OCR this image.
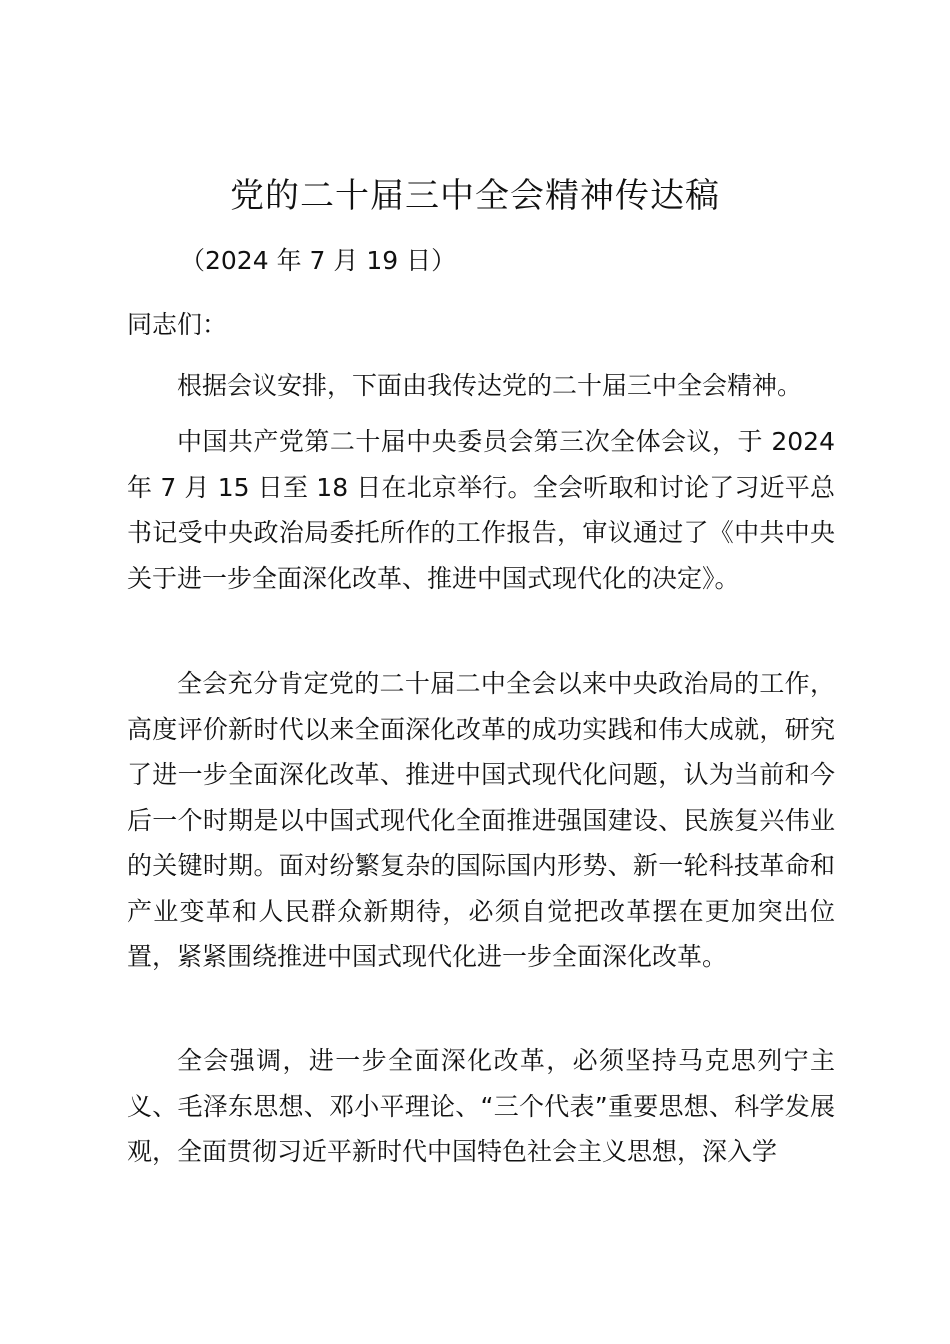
党的二十届三中全会精神传达稿

（2024 年 7 月 19 日）

同志们：

根据会议安排，下面由我传达党的二十届三中全会精神。

中国共产党第二十届中央委员会第三次全体会议，于 2024 年 7 月 15 日至 18 日在北京举行。全会听取和讨论了习近平总书记受中央政治局委托所作的工作报告，审议通过了《中共中央关于进一步全面深化改革、推进中国式现代化的决定》。

全会充分肯定党的二十届二中全会以来中央政治局的工作，高度评价新时代以来全面深化改革的成功实践和伟大成就，研究了进一步全面深化改革、推进中国式现代化问题，认为当前和今后一个时期是以中国式现代化全面推进强国建设、民族复兴伟业的关键时期。面对纷繁复杂的国际国内形势、新一轮科技革命和产业变革和人民群众新期待，必须自觉把改革摆在更加突出位置，紧紧围绕推进中国式现代化进一步全面深化改革。

全会强调，进一步全面深化改革，必须坚持马克思列宁主义、毛泽东思想、邓小平理论、“三个代表”重要思想、科学发展观，全面贯彻习近平新时代中国特色社会主义思想，深入学
